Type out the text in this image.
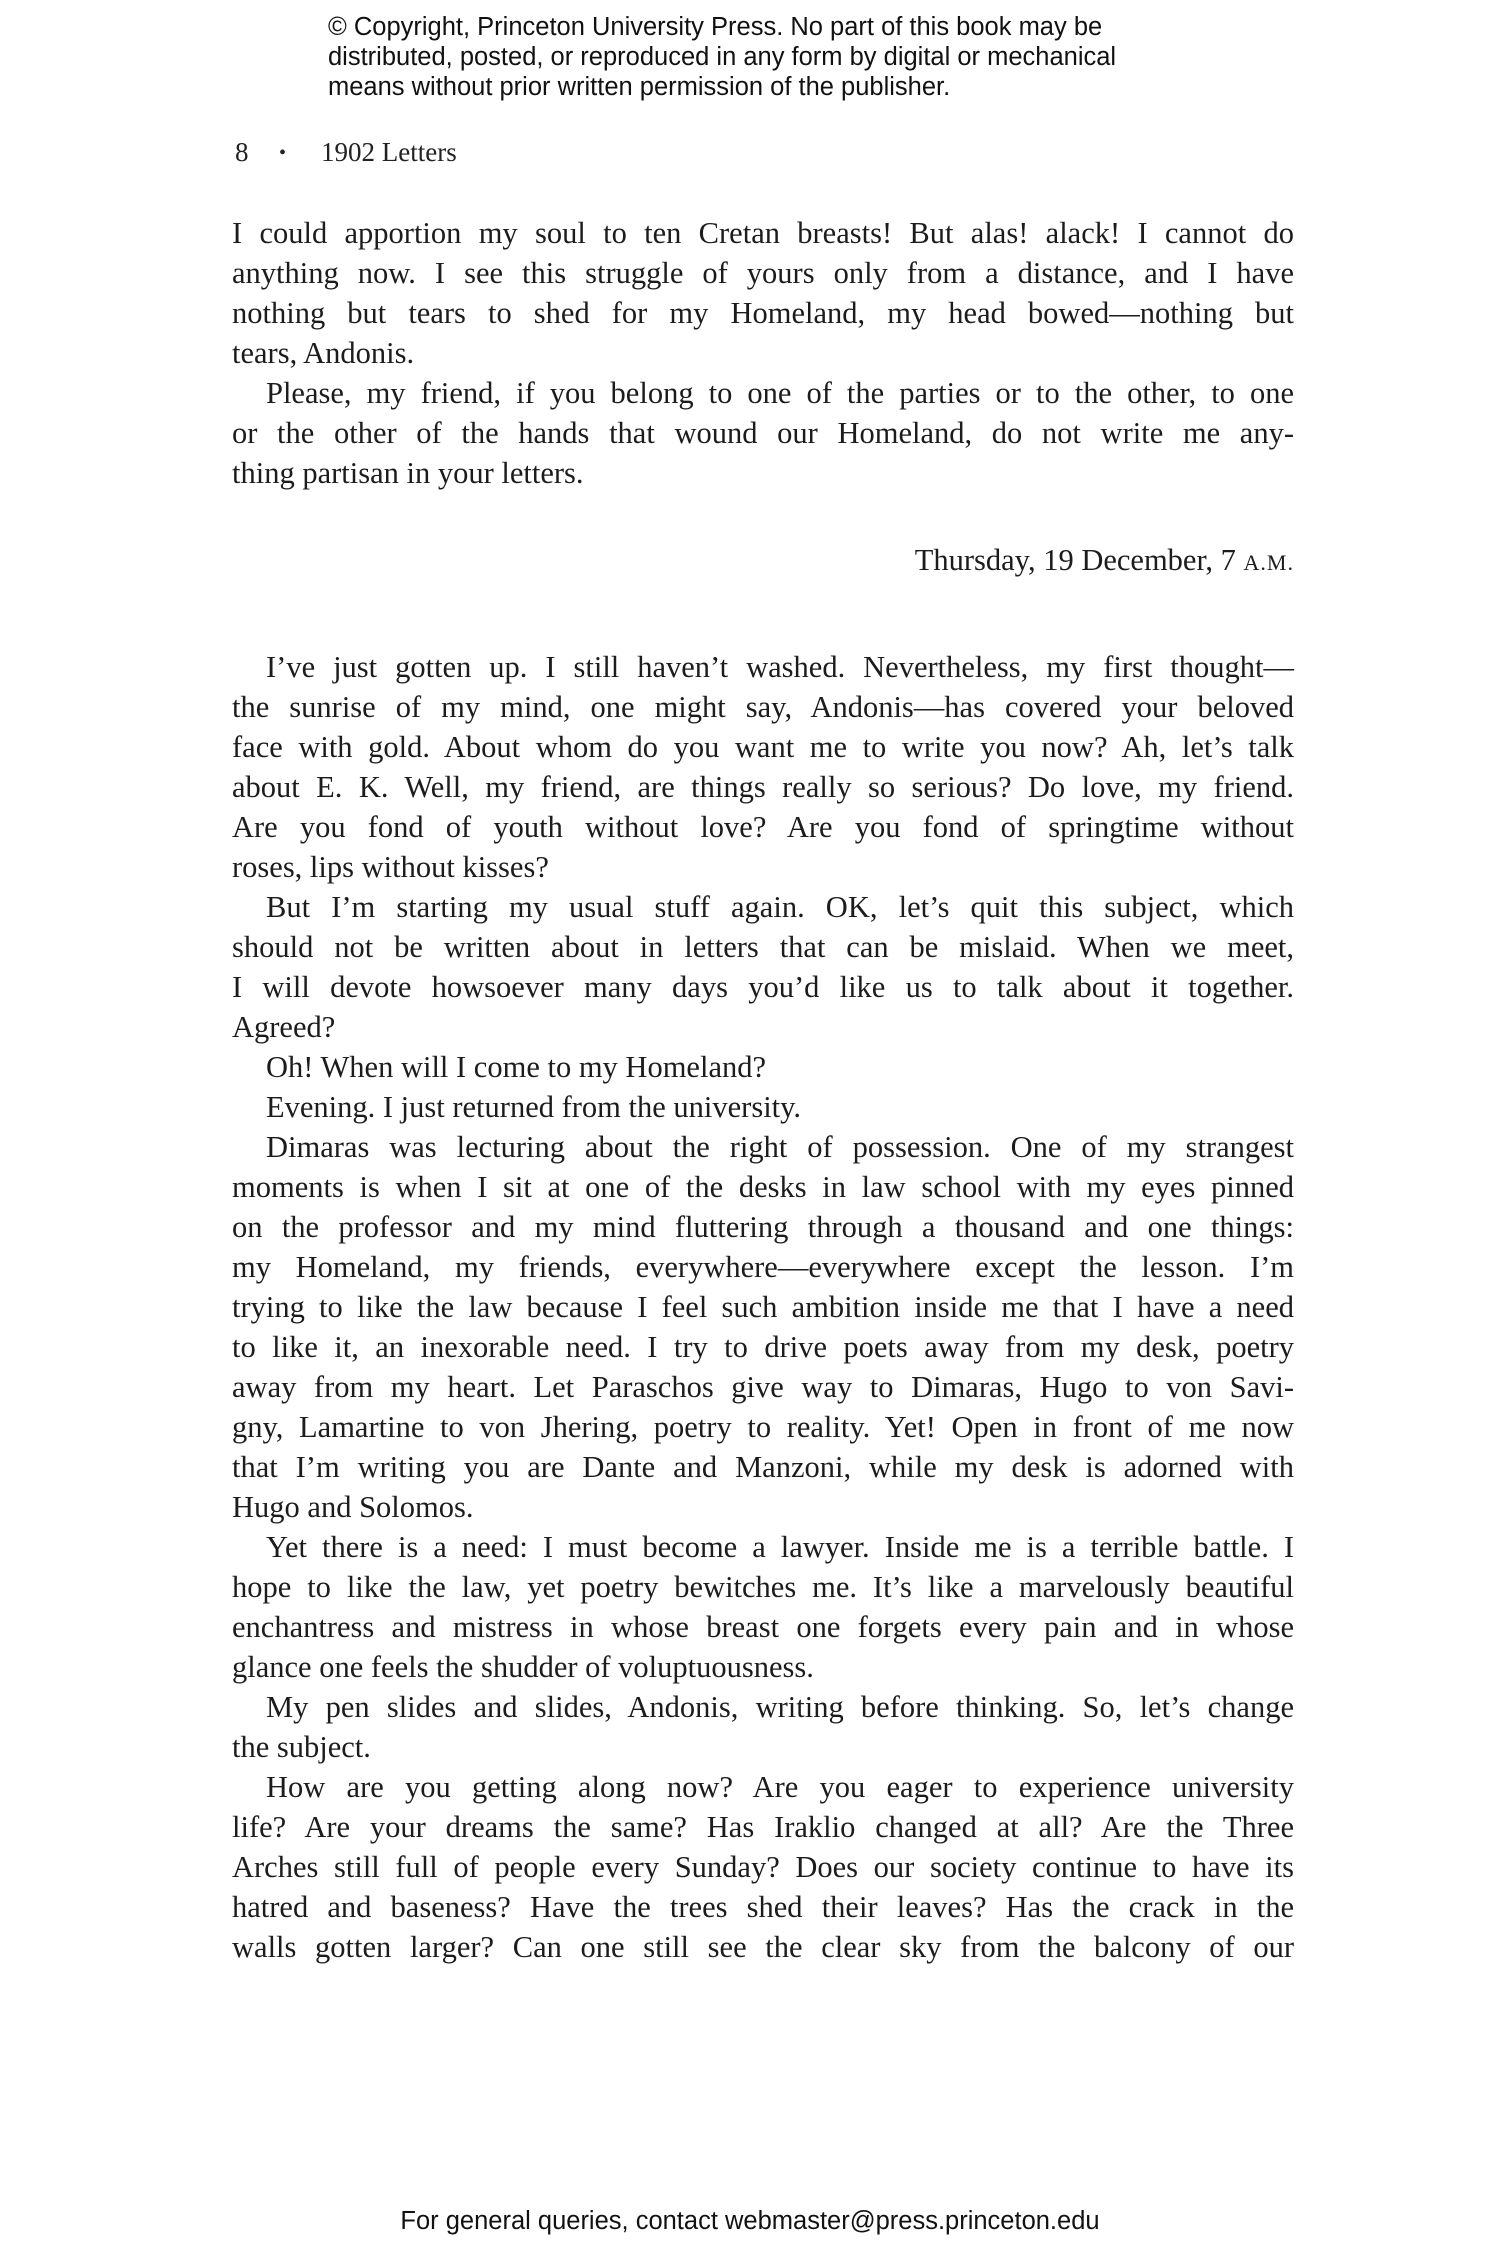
© Copyright, Princeton University Press. No part of this book may be
distributed, posted, or reproduced in any form by digital or mechanical
means without prior written permission of the publisher.
8 • 1902 Letters

I could apportion my soul to ten Cretan breasts! But alas! alack! I cannot do
anything now. I see this struggle of yours only from a distance, and I have
nothing but tears to shed for my Homeland, my head bowed—nothing but
tears, Andonis.

Please, my friend, if you belong to one of the parties or to the other, to one
or the other of the hands that wound our Homeland, do not write me any-
thing partisan in your letters.

Thursday, 19 December, 7 A.M.

I’ve just gotten up. I still haven’t washed. Nevertheless, my first thought—
the sunrise of my mind, one might say, Andonis—has covered your beloved
face with gold. About whom do you want me to write you now? Ah, let’s talk
about E. K. Well, my friend, are things really so serious? Do love, my friend.
Are you fond of youth without love? Are you fond of springtime without
roses, lips without kisses?

But I’m starting my usual stuff again. OK, let’s quit this subject, which
should not be written about in letters that can be mislaid. When we meet,
I will devote howsoever many days you’d like us to talk about it together.
Agreed?

Oh! When will I come to my Homeland?

Evening. I just returned from the university.

Dimaras was lecturing about the right of possession. One of my strangest
moments is when I sit at one of the desks in law school with my eyes pinned
on the professor and my mind fluttering through a thousand and one things:
my Homeland, my friends, everywhere—everywhere except the lesson. I’m
trying to like the law because I feel such ambition inside me that I have a need
to like it, an inexorable need. I try to drive poets away from my desk, poetry
away from my heart. Let Paraschos give way to Dimaras, Hugo to von Savi-
gny, Lamartine to von Jhering, poetry to reality. Yet! Open in front of me now
that I’m writing you are Dante and Manzoni, while my desk is adorned with
Hugo and Solomos.

Yet there is a need: I must become a lawyer. Inside me is a terrible battle. I
hope to like the law, yet poetry bewitches me. It’s like a marvelously beautiful
enchantress and mistress in whose breast one forgets every pain and in whose
glance one feels the shudder of voluptuousness.

My pen slides and slides, Andonis, writing before thinking. So, let’s change
the subject.

How are you getting along now? Are you eager to experience university
life? Are your dreams the same? Has Iraklio changed at all? Are the Three
Arches still full of people every Sunday? Does our society continue to have its
hatred and baseness? Have the trees shed their leaves? Has the crack in the
walls gotten larger? Can one still see the clear sky from the balcony of our

For general queries, contact webmaster@press.princeton.edu
